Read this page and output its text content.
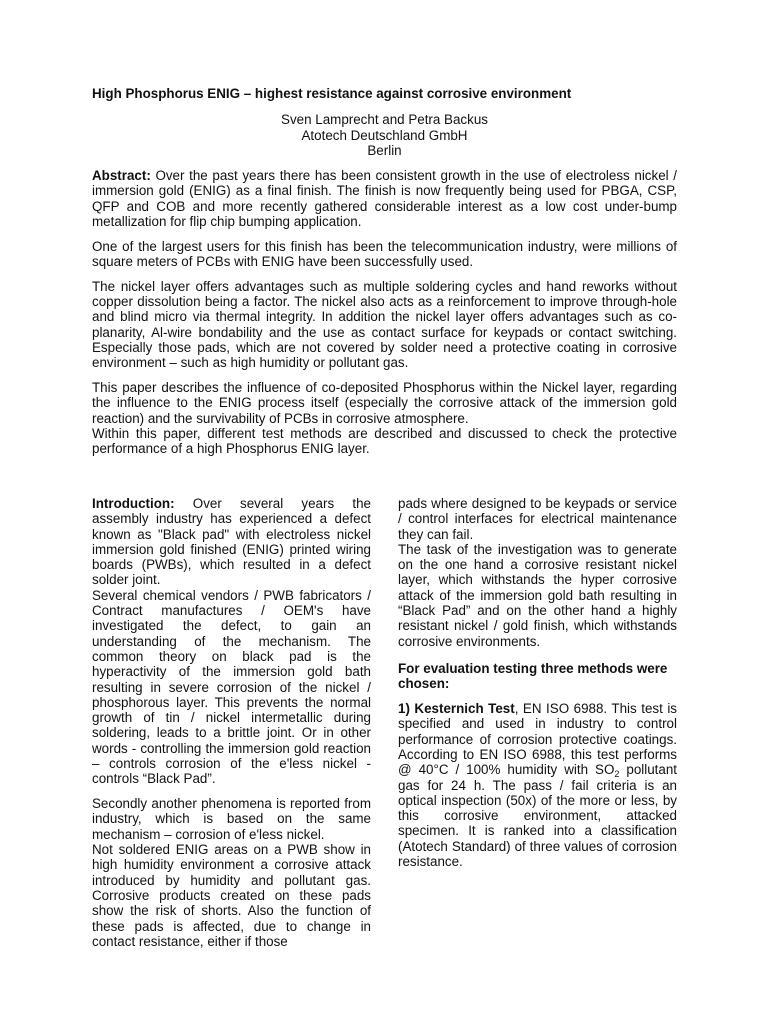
High Phosphorus ENIG – highest resistance against corrosive environment
Sven Lamprecht and Petra Backus
Atotech Deutschland GmbH
Berlin

Abstract: Over the past years there has been consistent growth in the use of electroless nickel / immersion gold (ENIG) as a final finish. The finish is now frequently being used for PBGA, CSP, QFP and COB and more recently gathered considerable interest as a low cost under-bump metallization for flip chip bumping application.

One of the largest users for this finish has been the telecommunication industry, were millions of square meters of PCBs with ENIG have been successfully used.

The nickel layer offers advantages such as multiple soldering cycles and hand reworks without copper dissolution being a factor. The nickel also acts as a reinforcement to improve through-hole and blind micro via thermal integrity. In addition the nickel layer offers advantages such as co-planarity, Al-wire bondability and the use as contact surface for keypads or contact switching. Especially those pads, which are not covered by solder need a protective coating in corrosive environment – such as high humidity or pollutant gas.

This paper describes the influence of co-deposited Phosphorus within the Nickel layer, regarding the influence to the ENIG process itself (especially the corrosive attack of the immersion gold reaction) and the survivability of PCBs in corrosive atmosphere.

Within this paper, different test methods are described and discussed to check the protective performance of a high Phosphorus ENIG layer.

Introduction: Over several years the assembly industry has experienced a defect known as "Black pad" with electroless nickel immersion gold finished (ENIG) printed wiring boards (PWBs), which resulted in a defect solder joint.

Several chemical vendors / PWB fabricators / Contract manufactures / OEM's have investigated the defect, to gain an understanding of the mechanism. The common theory on black pad is the hyperactivity of the immersion gold bath resulting in severe corrosion of the nickel / phosphorous layer. This prevents the normal growth of tin / nickel intermetallic during soldering, leads to a brittle joint. Or in other words - controlling the immersion gold reaction – controls corrosion of the e'less nickel - controls “Black Pad”.

Secondly another phenomena is reported from industry, which is based on the same mechanism – corrosion of e'less nickel.

Not soldered ENIG areas on a PWB show in high humidity environment a corrosive attack introduced by humidity and pollutant gas. Corrosive products created on these pads show the risk of shorts. Also the function of these pads is affected, due to change in contact resistance, either if those

pads where designed to be keypads or service / control interfaces for electrical maintenance they can fail.

The task of the investigation was to generate on the one hand a corrosive resistant nickel layer, which withstands the hyper corrosive attack of the immersion gold bath resulting in “Black Pad” and on the other hand a highly resistant nickel / gold finish, which withstands corrosive environments.

For evaluation testing three methods were chosen:

1) Kesternich Test, EN ISO 6988. This test is specified and used in industry to control performance of corrosion protective coatings. According to EN ISO 6988, this test performs @ 40°C / 100% humidity with $SO_2$ pollutant gas for 24 h. The pass / fail criteria is an optical inspection (50x) of the more or less, by this corrosive environment, attacked specimen. It is ranked into a classification (Atotech Standard) of three values of corrosion resistance.
